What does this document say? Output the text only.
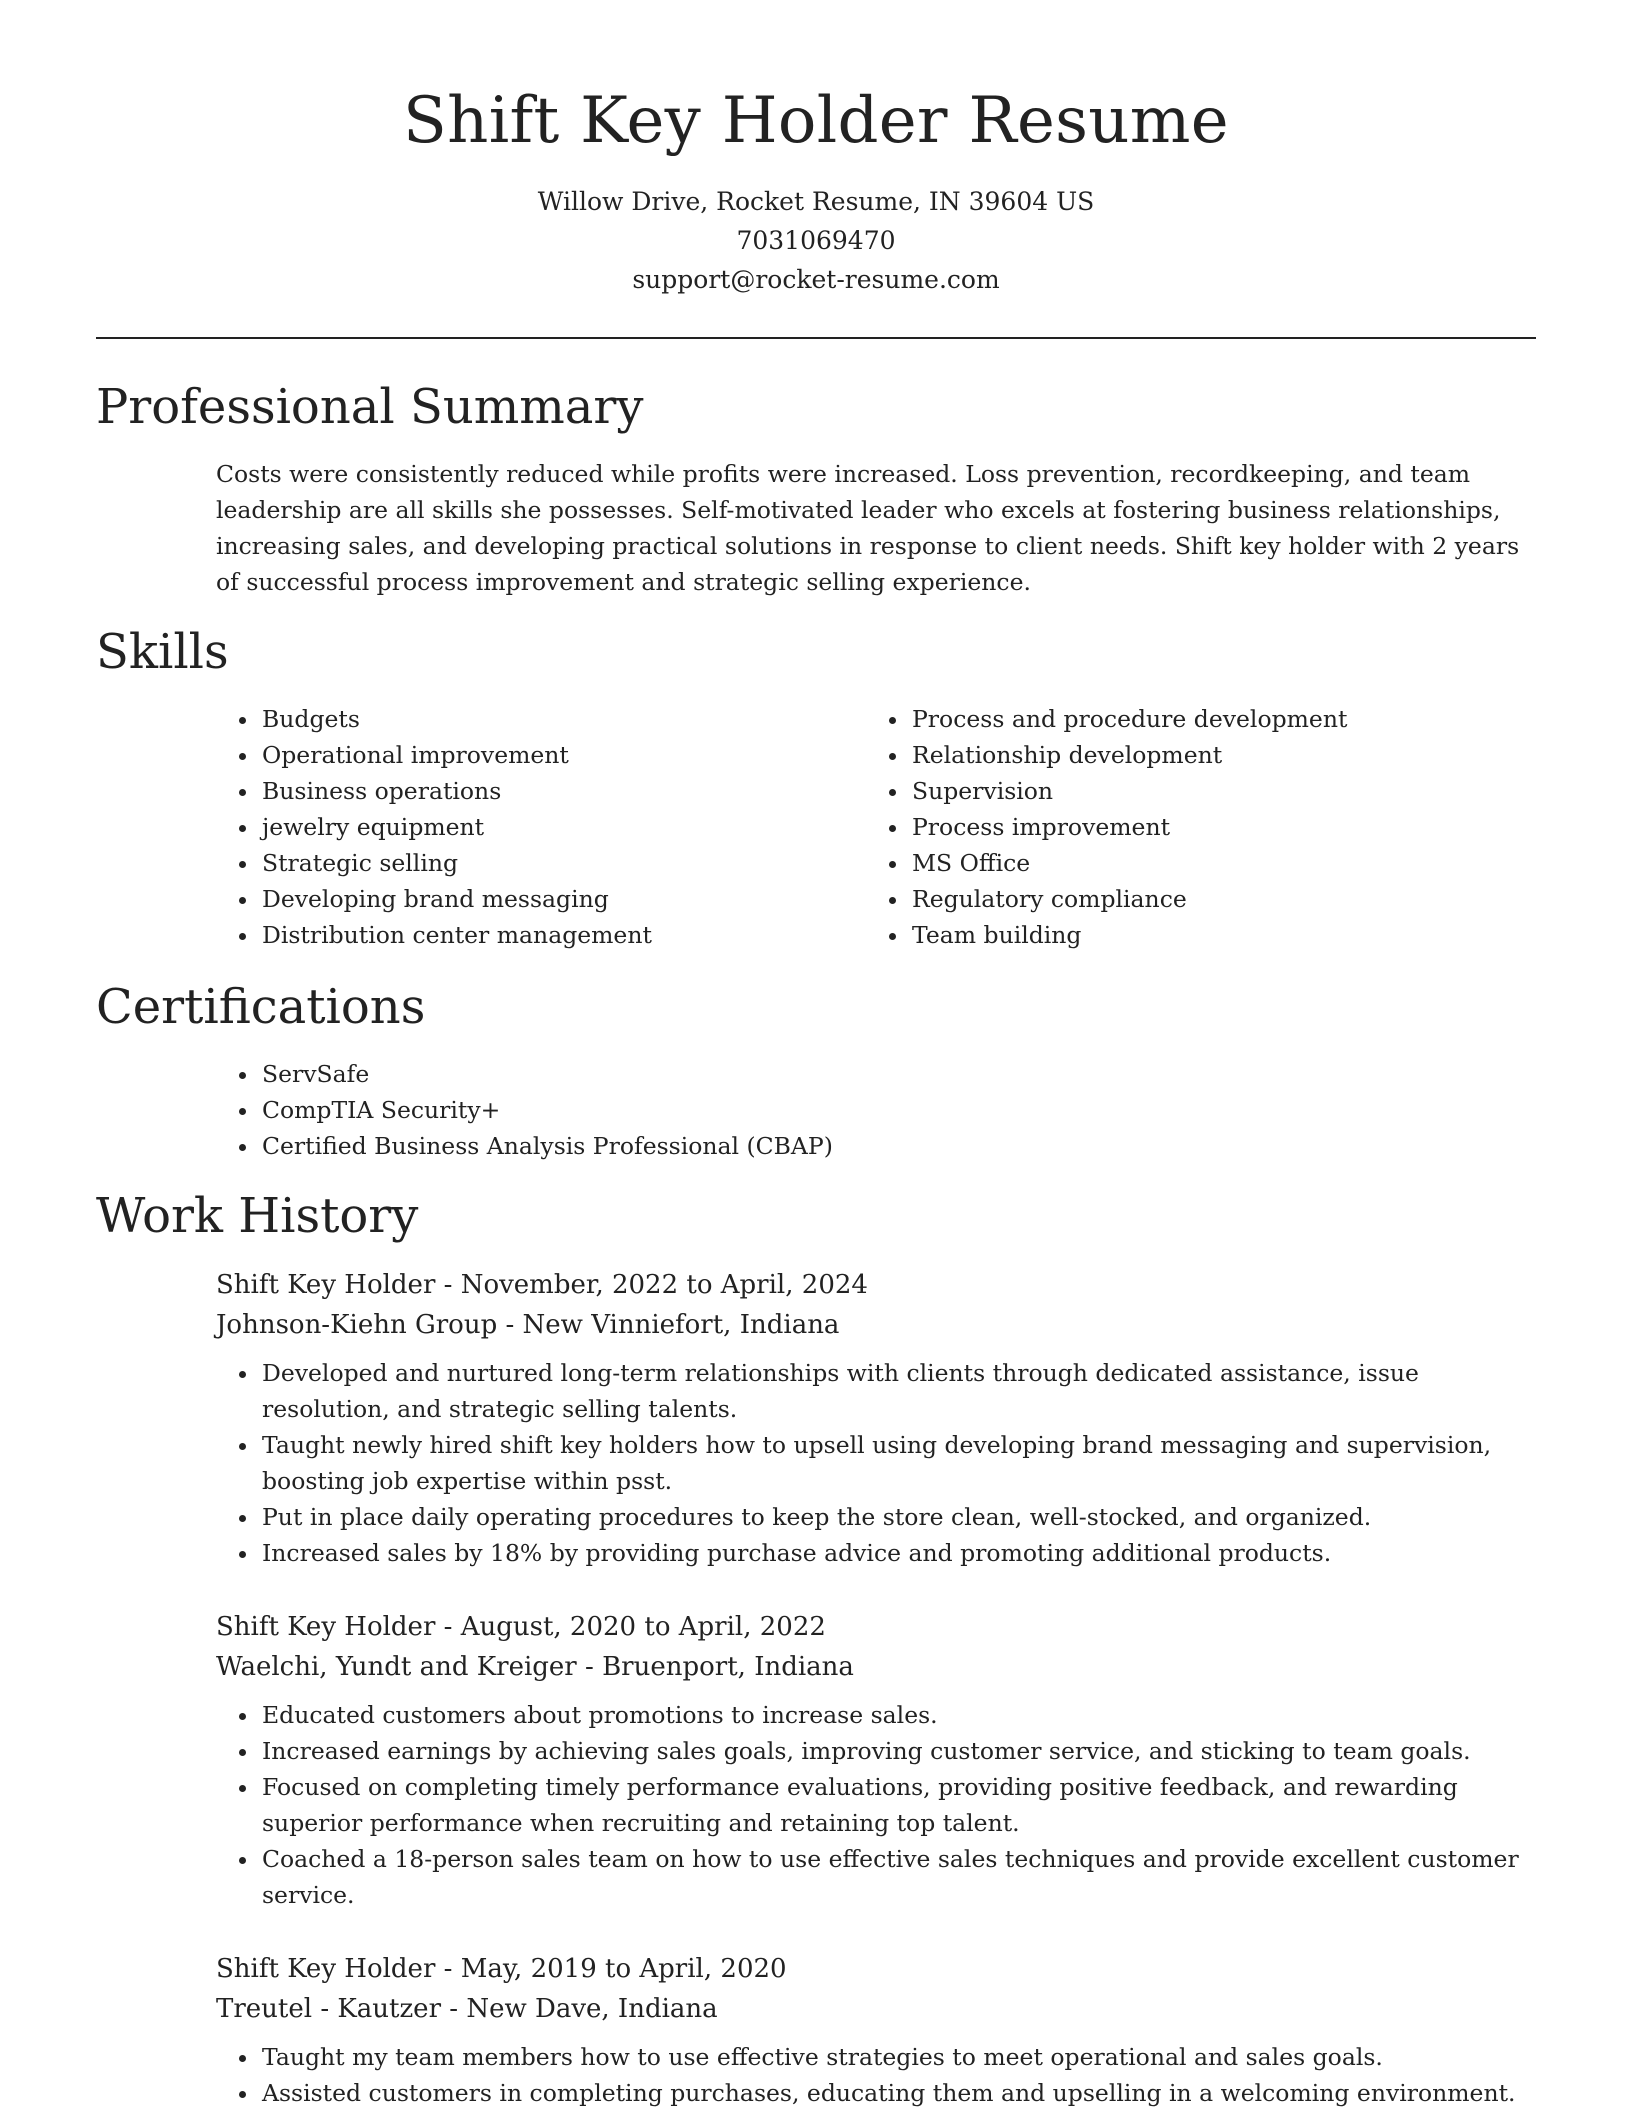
Shift Key Holder Resume

Willow Drive, Rocket Resume, IN 39604 US

7031069470

support@rocket-resume.com

Professional Summary

Costs were consistently reduced while profits were increased. Loss prevention, recordkeeping, and team leadership are all skills she possesses. Self-motivated leader who excels at fostering business relationships, increasing sales, and developing practical solutions in response to client needs. Shift key holder with 2 years of successful process improvement and strategic selling experience.

Skills
• Budgets
• Operational improvement
• Business operations
• jewelry equipment
• Strategic selling
• Developing brand messaging
• Distribution center management
• Process and procedure development
• Relationship development
• Supervision
• Process improvement
• MS Office
• Regulatory compliance
• Team building
Certifications
• ServSafe
• CompTIA Security+
• Certified Business Analysis Professional (CBAP)
Work History

Shift Key Holder - November, 2022 to April, 2024

Johnson-Kiehn Group - New Vinniefort, Indiana

• Developed and nurtured long-term relationships with clients through dedicated assistance, issue resolution, and strategic selling talents.
• Taught newly hired shift key holders how to upsell using developing brand messaging and supervision, boosting job expertise within psst.
• Put in place daily operating procedures to keep the store clean, well-stocked, and organized.
• Increased sales by 18% by providing purchase advice and promoting additional products.

Shift Key Holder - August, 2020 to April, 2022

Waelchi, Yundt and Kreiger - Bruenport, Indiana

• Educated customers about promotions to increase sales.
• Increased earnings by achieving sales goals, improving customer service, and sticking to team goals.
• Focused on completing timely performance evaluations, providing positive feedback, and rewarding superior performance when recruiting and retaining top talent.
• Coached a 18-person sales team on how to use effective sales techniques and provide excellent customer service.

Shift Key Holder - May, 2019 to April, 2020

Treutel - Kautzer - New Dave, Indiana

• Taught my team members how to use effective strategies to meet operational and sales goals.
• Assisted customers in completing purchases, educating them and upselling in a welcoming environment.
